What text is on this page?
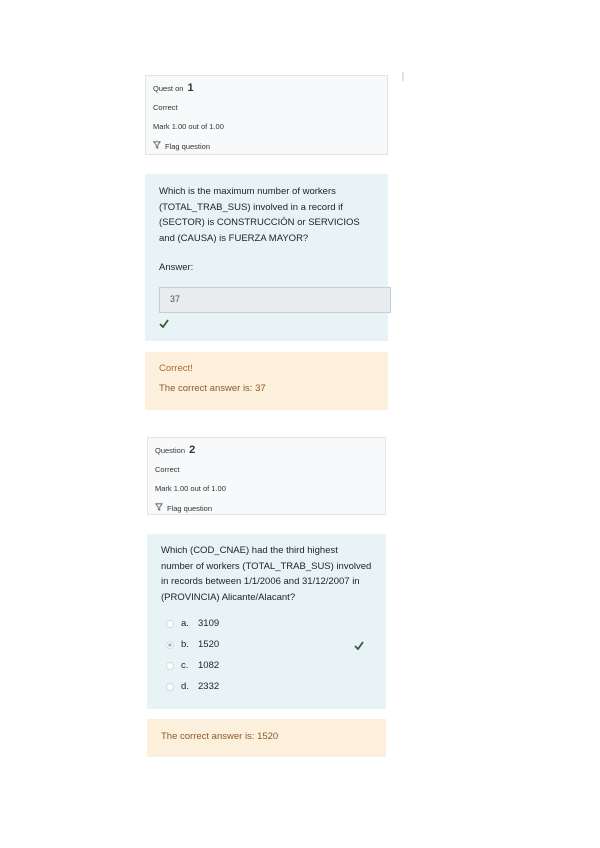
Quest on 1
Correct
Mark 1.00 out of 1.00
Flag question
Which is the maximum number of workers (TOTAL_TRAB_SUS) involved in a record if (SECTOR) is CONSTRUCCIÓN or SERVICIOS and (CAUSA) is FUERZA MAYOR?
Answer:
37
Correct!
The correct answer is: 37
Question 2
Correct
Mark 1.00 out of 1.00
Flag question
Which (COD_CNAE) had the third highest number of workers (TOTAL_TRAB_SUS) involved in records between 1/1/2006 and 31/12/2007 in (PROVINCIA) Alicante/Alacant?
a. 3109
b. 1520
c.	1082
d. 2332
The correct answer is: 1520
